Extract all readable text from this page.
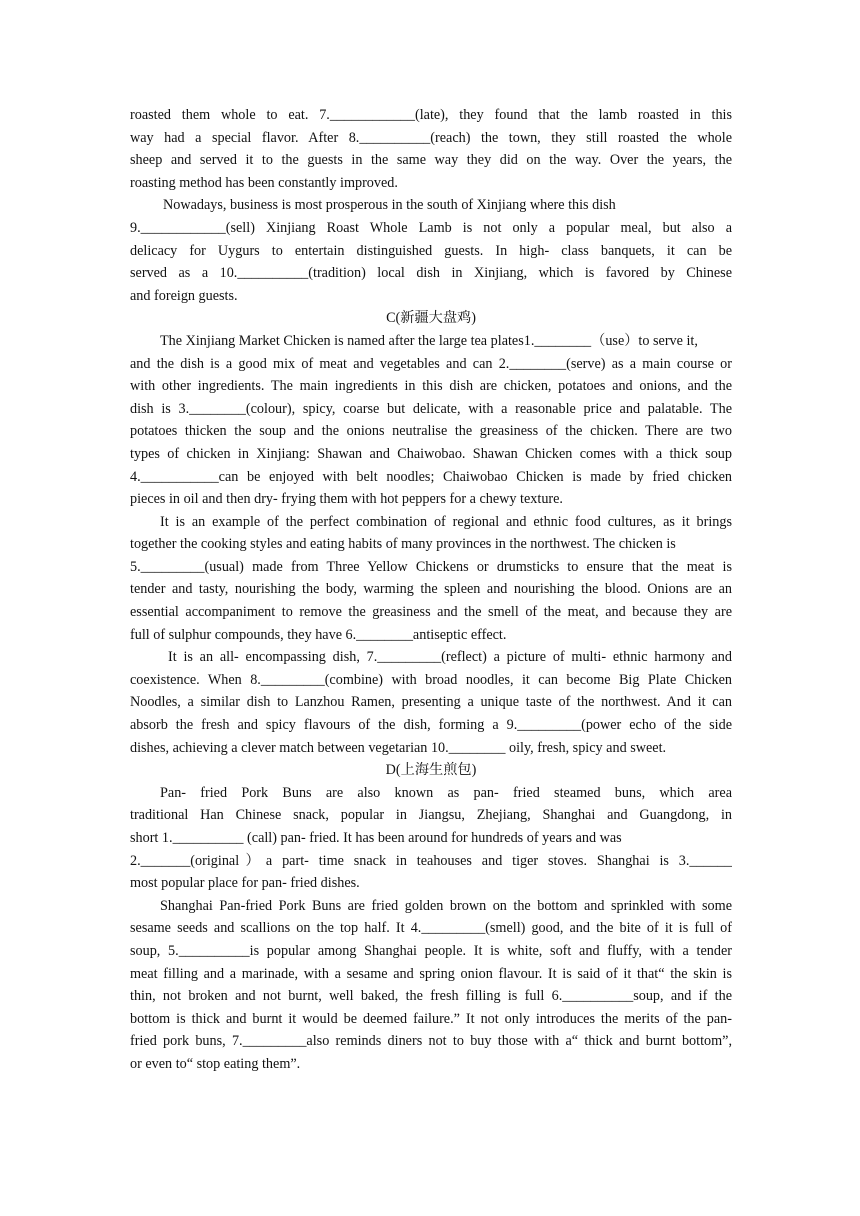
roasted them whole to eat. 7.____________(late), they found that the lamb roasted in this
way had a special flavor. After 8.__________(reach) the town, they still roasted the whole
sheep and served it to the guests in the same way they did on the way. Over the years, the
roasting method has been constantly improved.
Nowadays, business is most prosperous in the south of Xinjiang where this dish
9.____________(sell) Xinjiang Roast Whole Lamb is not only a popular meal, but also a
delicacy for Uygurs to entertain distinguished guests. In high- class banquets, it can be
served as a 10.__________(tradition) local dish in Xinjiang, which is favored by Chinese
and foreign guests.
C(新疆大盘鸡)
The Xinjiang Market Chicken is named after the large tea plates1.________（use）to serve it,
and the dish is a good mix of meat and vegetables and can 2.________(serve) as a main course or
with other ingredients. The main ingredients in this dish are chicken, potatoes and onions, and the
dish is 3.________(colour), spicy, coarse but delicate, with a reasonable price and palatable. The
potatoes thicken the soup and the onions neutralise the greasiness of the chicken. There are two
types of chicken in Xinjiang: Shawan and Chaiwobao. Shawan Chicken comes with a thick soup
4.___________can be enjoyed with belt noodles; Chaiwobao Chicken is made by fried chicken
pieces in oil and then dry- frying them with hot peppers for a chewy texture.
It is an example of the perfect combination of regional and ethnic food cultures, as it brings
together the cooking styles and eating habits of many provinces in the northwest. The chicken is
5._________(usual) made from Three Yellow Chickens or drumsticks to ensure that the meat is
tender and tasty, nourishing the body, warming the spleen and nourishing the blood. Onions are an
essential accompaniment to remove the greasiness and the smell of the meat, and because they are
full of sulphur compounds, they have 6.________antiseptic effect.
It is an all- encompassing dish, 7._________(reflect) a picture of multi- ethnic harmony and
coexistence. When 8._________(combine) with broad noodles, it can become Big Plate Chicken
Noodles, a similar dish to Lanzhou Ramen, presenting a unique taste of the northwest. And it can
absorb the fresh and spicy flavours of the dish, forming a 9._________(power echo of the side
dishes, achieving a clever match between vegetarian 10.________ oily, fresh, spicy and sweet.
D(上海生煎包)
Pan- fried Pork Buns are also known as pan- fried steamed buns, which area
traditional Han Chinese snack, popular in Jiangsu, Zhejiang, Shanghai and Guangdong, in
short 1.__________ (call) pan- fried. It has been around for hundreds of years and was
2._______(original）a part- time snack in teahouses and tiger stoves. Shanghai is 3.______
most popular place for pan- fried dishes.
Shanghai Pan-fried Pork Buns are fried golden brown on the bottom and sprinkled with some
sesame seeds and scallions on the top half. It 4._________(smell) good, and the bite of it is full of
soup, 5.__________is popular among Shanghai people. It is white, soft and fluffy, with a tender
meat filling and a marinade, with a sesame and spring onion flavour. It is said of it that“ the skin is
thin, not broken and not burnt, well baked, the fresh filling is full 6.__________soup, and if the
bottom is thick and burnt it would be deemed failure.” It not only introduces the merits of the pan-
fried pork buns, 7._________also reminds diners not to buy those with a“ thick and burnt bottom”,
or even to“ stop eating them”.
